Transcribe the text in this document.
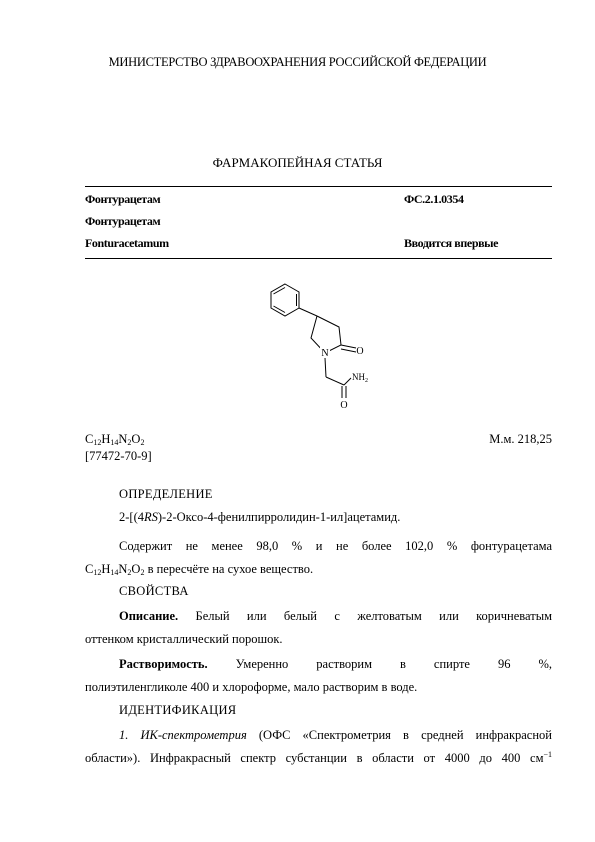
МИНИСТЕРСТВО ЗДРАВООХРАНЕНИЯ РОССИЙСКОЙ ФЕДЕРАЦИИ
ФАРМАКОПЕЙНАЯ СТАТЬЯ
Фонтурацетам	ФС.2.1.0354
Фонтурацетам
Fonturacetamum	Вводится впервые
N	O
NH 2
O
$C_{12}H_{14}N_2O_2$	М.м. 218,25
[77472-70-9]
ОПРЕДЕЛЕНИЕ
2-[(4RS)-2-Оксо-4-фенилпирролидин-1-ил]ацетамид.
Содержит не менее 98,0 % и не более 102,0 % фонтурацетама
$C_{12}H_{14}N_2O_2$ в пересчёте на сухое вещество.
СВОЙСТВА
Описание. Белый или белый с желтоватым или коричневатым
оттенком кристаллический порошок.
Растворимость. Умеренно растворим в спирте 96 %,
полиэтиленгликоле 400 и хлороформе, мало растворим в воде.
ИДЕНТИФИКАЦИЯ
1. ИК-спектрометрия (ОФС «Спектрометрия в средней инфракрасной
области»). Инфракрасный спектр субстанции в области от 4000 до 400 $см^{-1}$
